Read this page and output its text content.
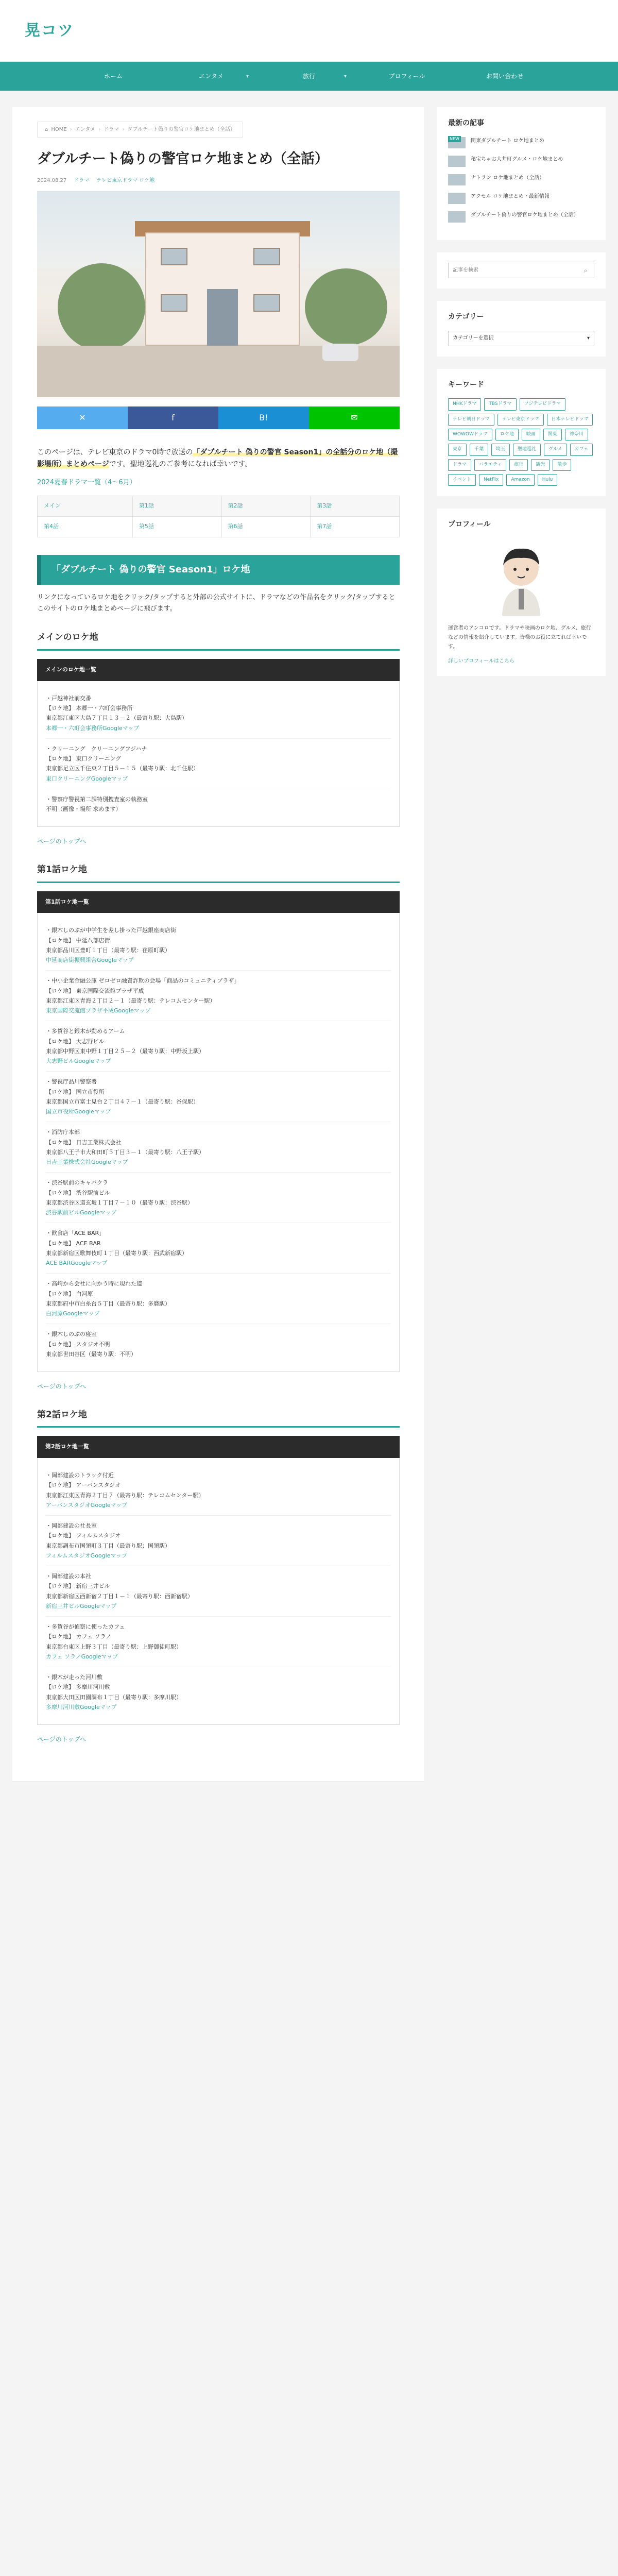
晃コツ
ホーム	エンタメ	▾	旅行	▾	プロフィール	お問い合わせ
⌂ HOME › エンタメ › ドラマ › ダブルチート偽りの警官ロケ地まとめ（全話）
ダブルチート偽りの警官ロケ地まとめ（全話）
2024.08.27 ドラマ テレビ東京ドラマ ロケ地
✕	f	B!	✉

このページは、テレビ東京のドラマ0時で放送の「ダブルチート 偽りの警官 Season1」の全話分のロケ地（撮影場所）まとめページです。聖地巡礼のご参考になれば幸いです。

2024夏春ドラマ一覧（4〜6月）
メイン	第1話	第2話	第3話
第4話	第5話	第6話	第7話
「ダブルチート 偽りの警官 Season1」ロケ地

リンクになっているロケ地をクリック/タップすると外部の公式サイトに、ドラマなどの作品名をクリック/タップするとこのサイトのロケ地まとめページに飛びます。

メインのロケ地
メインのロケ地一覧
・戸越神社前交番
【ロケ地】 本郷一・六町会事務所
東京都江東区大島７丁目１３－２（最寄り駅：大島駅）
本郷一・六町会事務所Googleマップ
・クリーニング　クリーニングフジハナ
【ロケ地】 東口クリーニング
東京都足立区千住東２丁目５－１５（最寄り駅：北千住駅）
東口クリーニングGoogleマップ
・警察庁警視第二課特別捜査室の執務室
不明（画像・場所 求めます）
ページのトップへ
第1話ロケ地
第1話ロケ地一覧
・銀木しのぶが中学生を差し掛った戸越銀座商店街
【ロケ地】 中延八部店街
東京都品川区豊町１丁目（最寄り駅：荏原町駅）
中延商店街振興組合Googleマップ
・中小企業金融公庫 ゼロゼロ融資詐欺の会場「商品のコミュニティプラザ」
【ロケ地】 東京国際交流館プラザ平成
東京都江東区青海２丁目２－１（最寄り駅：テレコムセンター駅）
東京国際交流館プラザ平成Googleマップ
・多賀谷と銀木が勤めるアーム
【ロケ地】 大志野ビル
東京都中野区東中野１丁目２５－２（最寄り駅：中野坂上駅）
大志野ビルGoogleマップ
・警視庁品川警察署
【ロケ地】 国立市役所
東京都国立市富士見台２丁目４７－１（最寄り駅：谷保駅）
国立市役所Googleマップ
・消防庁本部
【ロケ地】 日吉工業株式会社
東京都八王子市大和田町５丁目３－１（最寄り駅：八王子駅）
日吉工業株式会社Googleマップ
・渋谷駅前のキャバクラ
【ロケ地】 渋谷駅前ビル
東京都渋谷区道玄坂１丁目７－１０（最寄り駅：渋谷駅）
渋谷駅前ビルGoogleマップ
・飲食店「ACE BAR」
【ロケ地】 ACE BAR
東京都新宿区歌舞伎町１丁目（最寄り駅：西武新宿駅）
ACE BARGoogleマップ
・高崎から会社に向かう時に現れた道
【ロケ地】 白河原
東京都府中市白糸台５丁目（最寄り駅：多磨駅）
白河原Googleマップ
・銀木しのぶの寝室
【ロケ地】 スタジオ不明
東京都世田谷区（最寄り駅：不明）
ページのトップへ
第2話ロケ地
第2話ロケ地一覧
・岡部建設のトラック付近
【ロケ地】 アーバンスタジオ
東京都江東区青海２丁目７（最寄り駅：テレコムセンター駅）
アーバンスタジオGoogleマップ
・岡部建設の社長室
【ロケ地】 フィルムスタジオ
東京都調布市国領町３丁目（最寄り駅：国領駅）
フィルムスタジオGoogleマップ
・岡部建設の本社
【ロケ地】 新宿三井ビル
東京都新宿区西新宿２丁目１－１（最寄り駅：西新宿駅）
新宿三井ビルGoogleマップ
・多賀谷が偵察に使ったカフェ
【ロケ地】 カフェ ソラノ
東京都台東区上野３丁目（最寄り駅：上野御徒町駅）
カフェ ソラノGoogleマップ
・銀木が走った河川敷
【ロケ地】 多摩川河川敷
東京都大田区田園調布１丁目（最寄り駅：多摩川駅）
多摩川河川敷Googleマップ
ページのトップへ
最新の記事
NEW	関東ダブルチート ロケ地まとめ
秘宝ちゃお大井町グルメ・ロケ地まとめ
ナトラン ロケ地まとめ（全話）
アクセル ロケ地まとめ・最新情報
ダブルチート偽りの警官ロケ地まとめ（全話）
記事を検索
⌕
カテゴリー
カテゴリーを選択	▾
キーワード
NHKドラマ	TBSドラマ	フジテレビドラマ
テレビ朝日ドラマ	テレビ東京ドラマ	日本テレビドラマ
WOWOWドラマ	ロケ地	映画	関東	神奈川
東京	千葉	埼玉	聖地巡礼	グルメ	カフェ
ドラマ	バラエティ	旅行	観光	散歩
イベント	Netflix	Amazon	Hulu
プロフィール

運営者のアンコロです。ドラマや映画のロケ地、グルメ、旅行などの情報を紹介しています。皆様のお役に立てれば幸いです。

詳しいプロフィールはこちら
